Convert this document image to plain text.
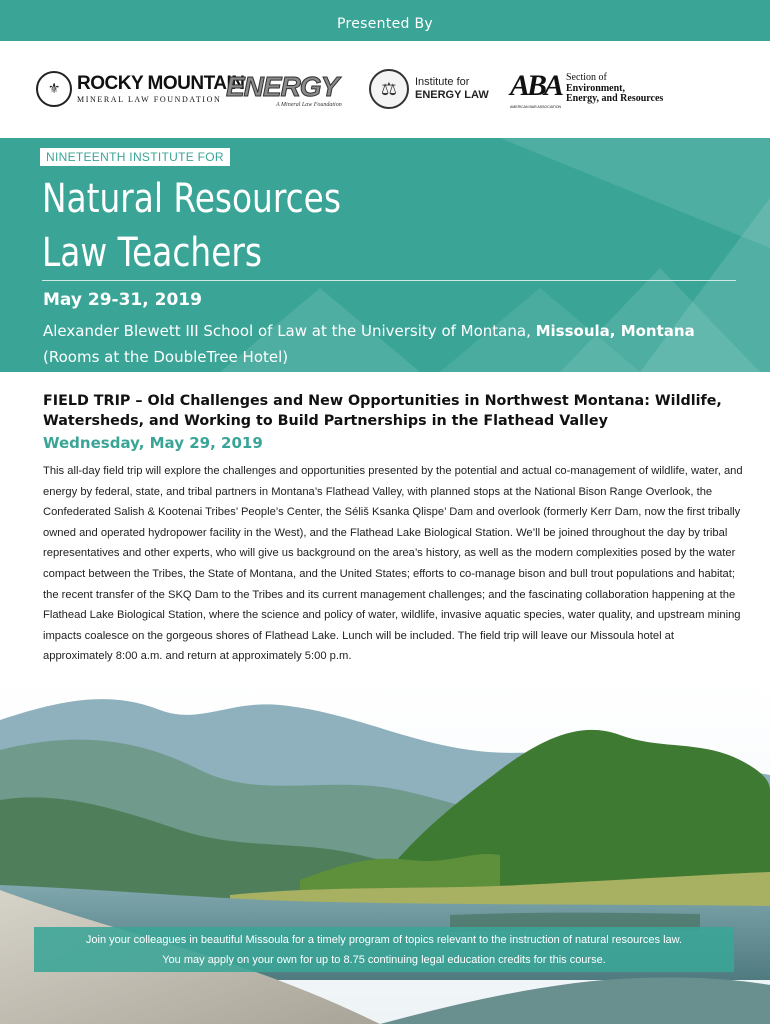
Presented By
⚜ ROCKY MOUNTAIN
MINERAL LAW FOUNDATION ENERGY
A Mineral Law Foundation
⚖	Institute for
ENERGY LAW ABA
AMERICAN BAR ASSOCIATION
Section of
Environment,
Energy, and Resources
NINETEENTH INSTITUTE FOR
Natural Resources
Law Teachers
May 29-31, 2019
Alexander Blewett III School of Law at the University of Montana, Missoula, Montana
(Rooms at the DoubleTree Hotel)
FIELD TRIP – Old Challenges and New Opportunities in Northwest Montana: Wildlife, Watersheds, and Working to Build Partnerships in the Flathead Valley
Wednesday, May 29, 2019
This all-day field trip will explore the challenges and opportunities presented by the potential and actual co-management of wildlife, water, and energy by federal, state, and tribal partners in Montana’s Flathead Valley, with planned stops at the National Bison Range Overlook, the Confederated Salish & Kootenai Tribes’ People’s Center, the Séliš Ksanka Qlispe’ Dam and overlook (formerly Kerr Dam, now the first tribally owned and operated hydropower facility in the West), and the Flathead Lake Biological Station. We’ll be joined throughout the day by tribal representatives and other experts, who will give us background on the area’s history, as well as the modern complexities posed by the water compact between the Tribes, the State of Montana, and the United States; efforts to co-manage bison and bull trout populations and habitat; the recent transfer of the SKQ Dam to the Tribes and its current management challenges; and the fascinating collaboration happening at the Flathead Lake Biological Station, where the science and policy of water, wildlife, invasive aquatic species, water quality, and upstream mining impacts coalesce on the gorgeous shores of Flathead Lake. Lunch will be included. The field trip will leave our Missoula hotel at approximately 8:00 a.m. and return at approximately 5:00 p.m.
Join your colleagues in beautiful Missoula for a timely program of topics relevant to the instruction of natural resources law.
You may apply on your own for up to 8.75 continuing legal education credits for this course.
